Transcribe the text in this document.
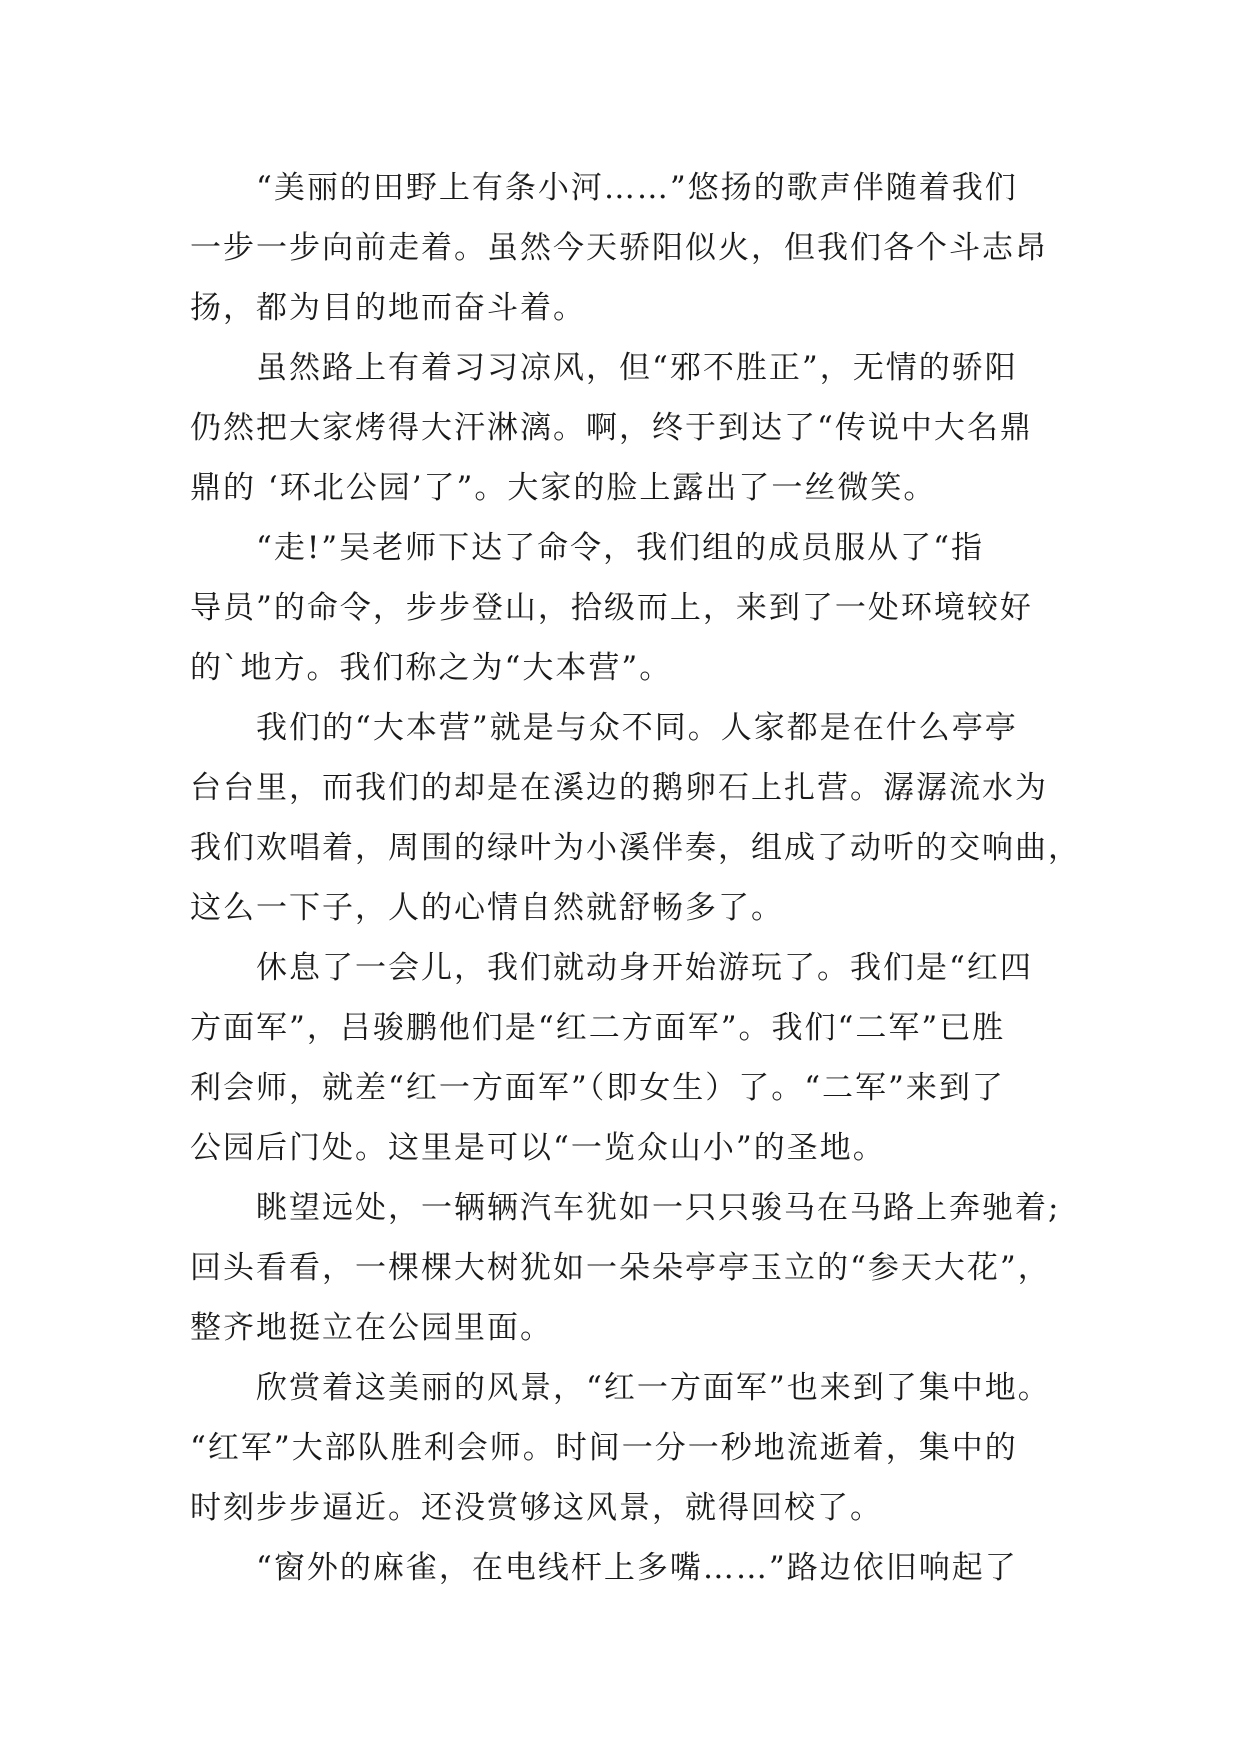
“美丽的田野上有条小河……”悠扬的歌声伴随着我们
一步一步向前走着。虽然今天骄阳似火，但我们各个斗志昂
扬，都为目的地而奋斗着。
虽然路上有着习习凉风，但“邪不胜正”，无情的骄阳
仍然把大家烤得大汗淋漓。啊，终于到达了“传说中大名鼎
鼎的 ‘环北公园’了”。大家的脸上露出了一丝微笑。
“走!”吴老师下达了命令，我们组的成员服从了“指
导员”的命令，步步登山，拾级而上，来到了一处环境较好
的`地方。我们称之为“大本营”。
我们的“大本营”就是与众不同。人家都是在什么亭亭
台台里，而我们的却是在溪边的鹅卵石上扎营。潺潺流水为
我们欢唱着，周围的绿叶为小溪伴奏，组成了动听的交响曲，
这么一下子，人的心情自然就舒畅多了。
休息了一会儿，我们就动身开始游玩了。我们是“红四
方面军”，吕骏鹏他们是“红二方面军”。我们“二军”已胜
利会师，就差“红一方面军”（即女生）了。“二军”来到了
公园后门处。这里是可以“一览众山小”的圣地。
眺望远处，一辆辆汽车犹如一只只骏马在马路上奔驰着;
回头看看，一棵棵大树犹如一朵朵亭亭玉立的“参天大花”，
整齐地挺立在公园里面。
欣赏着这美丽的风景，“红一方面军”也来到了集中地。
“红军”大部队胜利会师。时间一分一秒地流逝着，集中的
时刻步步逼近。还没赏够这风景，就得回校了。
“窗外的麻雀，在电线杆上多嘴……”路边依旧响起了
